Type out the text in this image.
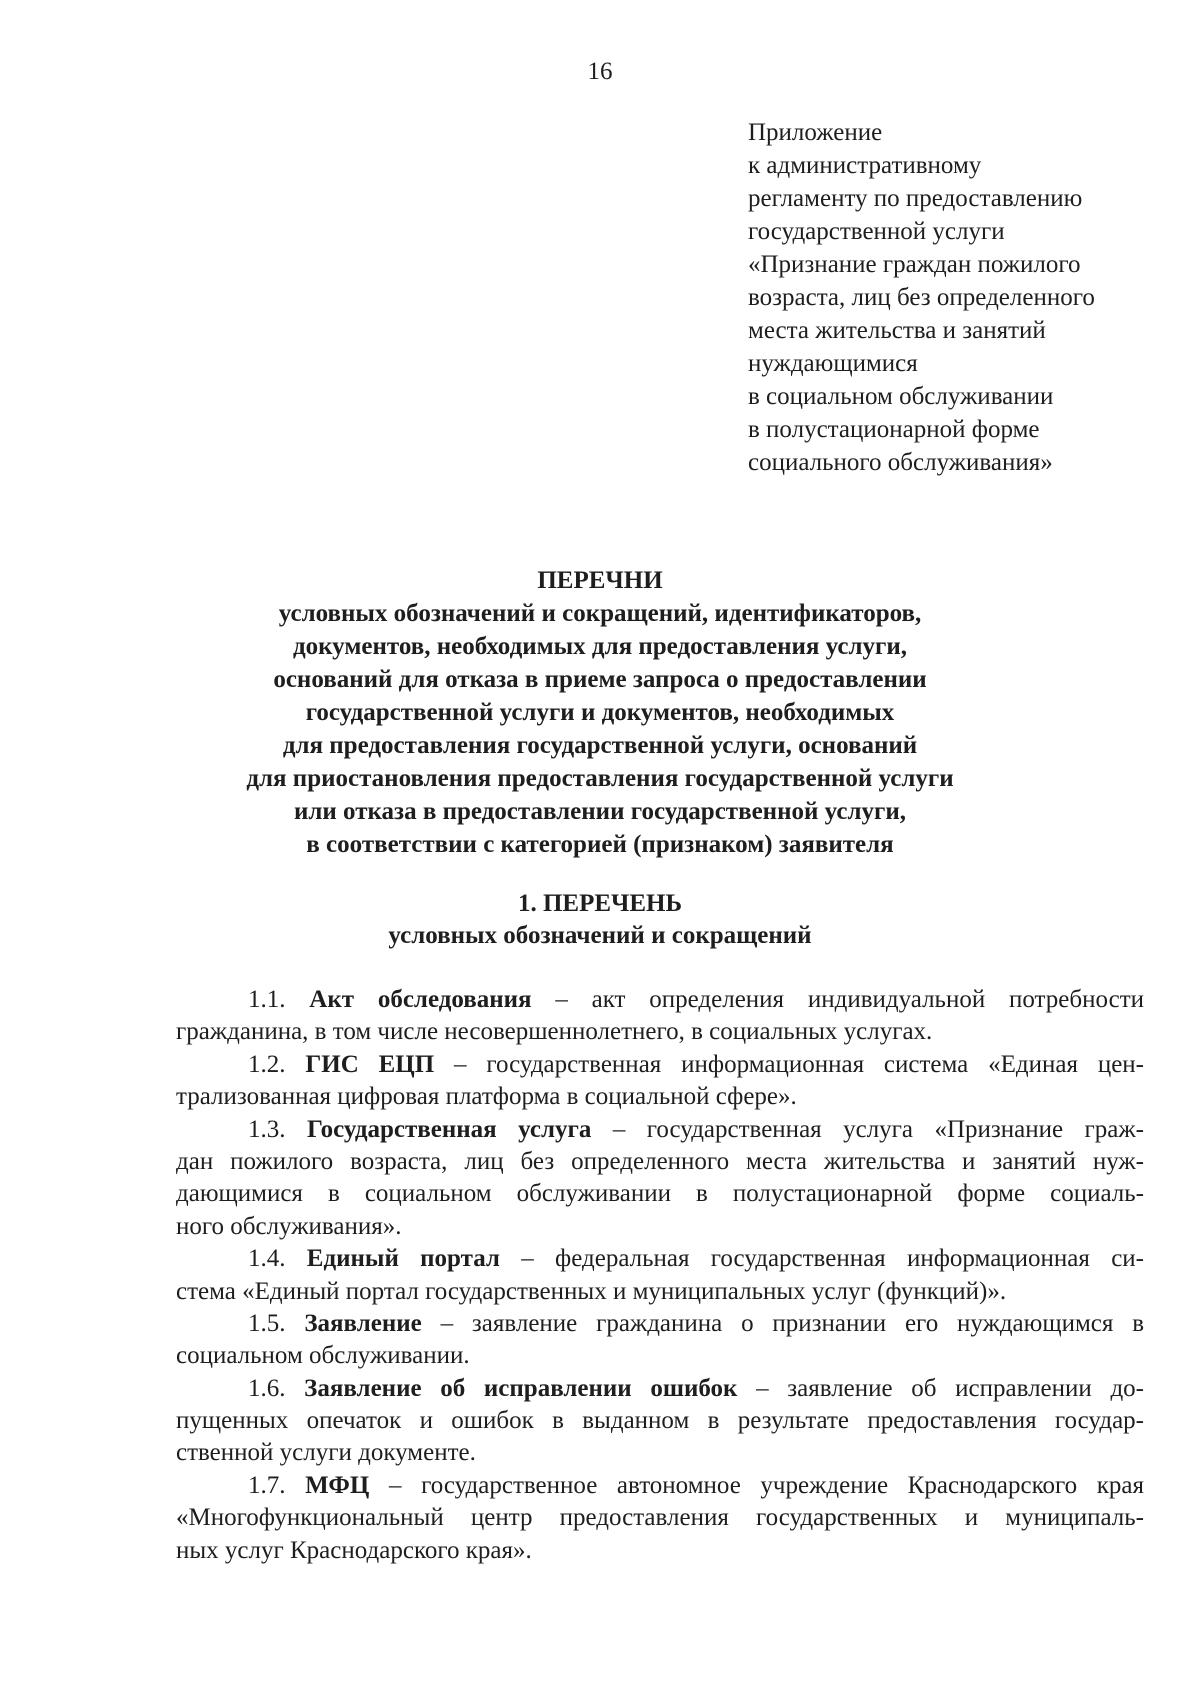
16
Приложение
к административному
регламенту по предоставлению
государственной услуги
«Признание граждан пожилого
возраста, лиц без определенного
места жительства и занятий
нуждающимися
в социальном обслуживании
в полустационарной форме
социального обслуживания»
ПЕРЕЧНИ
условных обозначений и сокращений, идентификаторов,
документов, необходимых для предоставления услуги,
оснований для отказа в приеме запроса о предоставлении
государственной услуги и документов, необходимых
для предоставления государственной услуги, оснований
для приостановления предоставления государственной услуги
или отказа в предоставлении государственной услуги,
в соответствии с категорией (признаком) заявителя
1. ПЕРЕЧЕНЬ
условных обозначений и сокращений
1.1. Акт обследования – акт определения индивидуальной потребности
гражданина, в том числе несовершеннолетнего, в социальных услугах.
1.2. ГИС ЕЦП – государственная информационная система «Единая цен-
трализованная цифровая платформа в социальной сфере».
1.3. Государственная услуга – государственная услуга «Признание граж-
дан пожилого возраста, лиц без определенного места жительства и занятий нуж-
дающимися в социальном обслуживании в полустационарной форме социаль-
ного обслуживания».
1.4. Единый портал – федеральная государственная информационная си-
стема «Единый портал государственных и муниципальных услуг (функций)».
1.5. Заявление – заявление гражданина о признании его нуждающимся в
социальном обслуживании.
1.6. Заявление об исправлении ошибок – заявление об исправлении до-
пущенных опечаток и ошибок в выданном в результате предоставления государ-
ственной услуги документе.
1.7. МФЦ – государственное автономное учреждение Краснодарского края
«Многофункциональный центр предоставления государственных и муниципаль-
ных услуг Краснодарского края».
